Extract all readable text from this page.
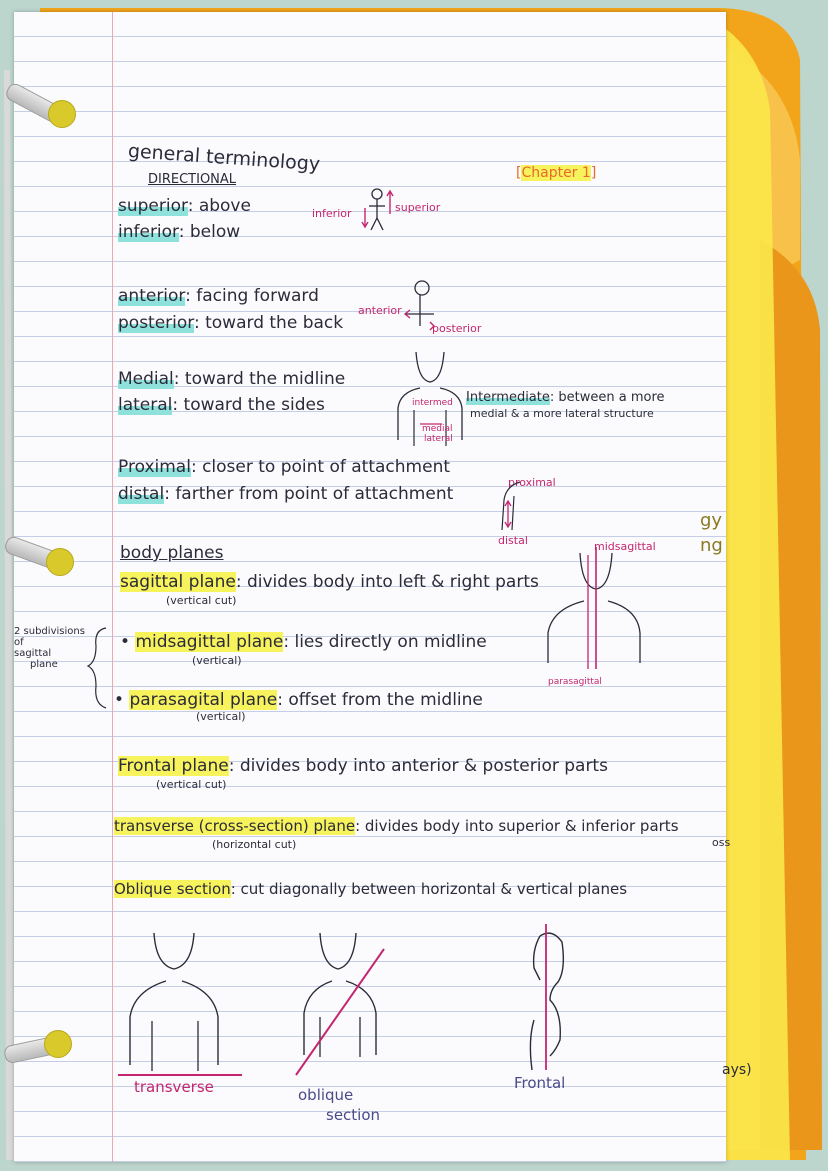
gy
ng
oss
ays)
general terminology
DIRECTIONAL	[Chapter 1]
superior: above
inferior: below
inferior	superior
anterior: facing forward
posterior: toward the back
anterior
posterior
Medial: toward the midline
lateral: toward the sides	intermed
medial
lateral
Intermediate: between a more
medial & a more lateral structure
Proximal: closer to point of attachment
distal: farther from point of attachment
proximal
distal
body planes
sagittal plane: divides body into left & right parts
(vertical cut)
2 subdivisions
of
sagittal
plane
• midsagittal plane: lies directly on midline
(vertical)
• parasagital plane: offset from the midline
(vertical)
midsagittal
parasagittal
Frontal plane: divides body into anterior & posterior parts
(vertical cut)
transverse (cross-section) plane: divides body into superior & inferior parts
(horizontal cut)
Oblique section: cut diagonally between horizontal & vertical planes
transverse	oblique
section
Frontal
